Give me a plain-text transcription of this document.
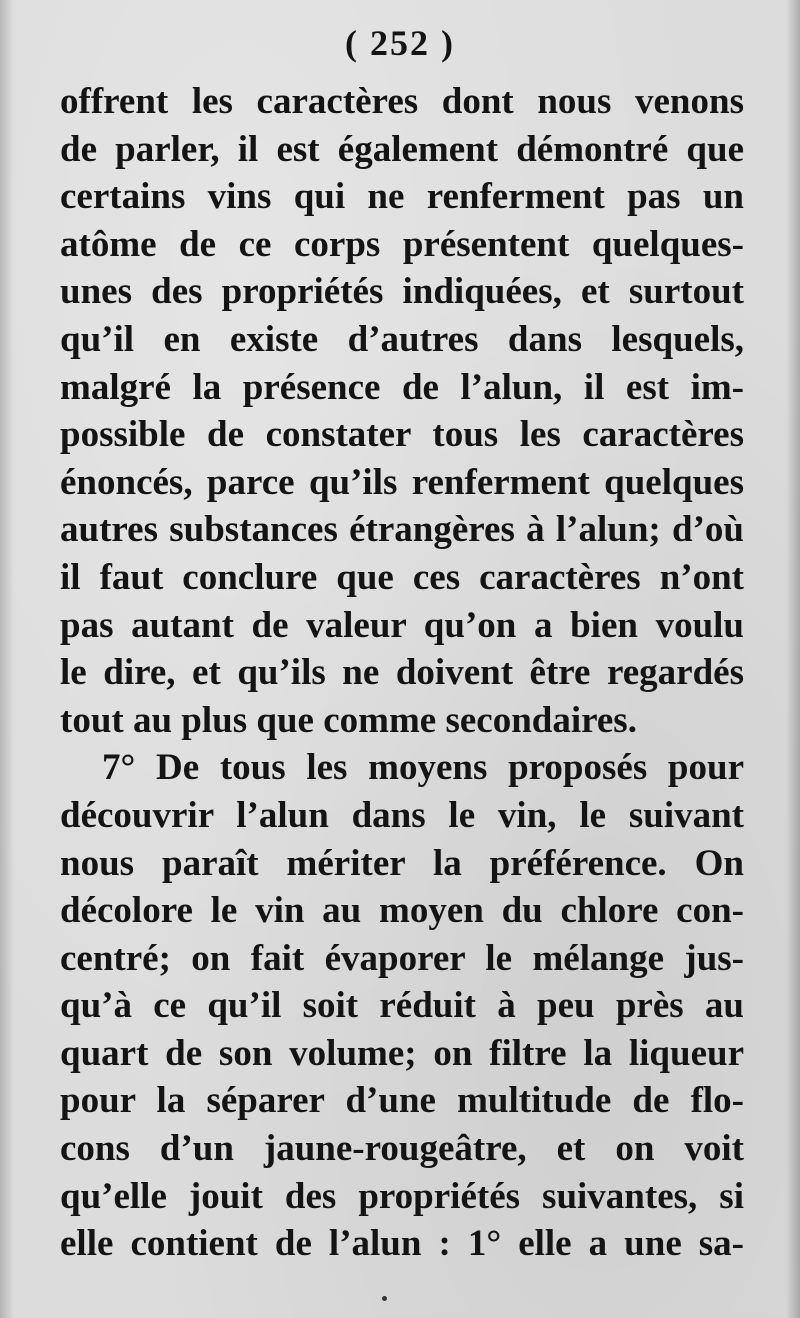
( 252 )
offrent les caractères dont nous venons
de parler, il est également démontré que
certains vins qui ne renferment pas un
atôme de ce corps présentent quelques-
unes des propriétés indiquées, et surtout
qu’il en existe d’autres dans lesquels,
malgré la présence de l’alun, il est im-
possible de constater tous les caractères
énoncés, parce qu’ils renferment quelques
autres substances étrangères à l’alun; d’où
il faut conclure que ces caractères n’ont
pas autant de valeur qu’on a bien voulu
le dire, et qu’ils ne doivent être regardés
tout au plus que comme secondaires.
7° De tous les moyens proposés pour
découvrir l’alun dans le vin, le suivant
nous paraît mériter la préférence. On
décolore le vin au moyen du chlore con-
centré; on fait évaporer le mélange jus-
qu’à ce qu’il soit réduit à peu près au
quart de son volume; on filtre la liqueur
pour la séparer d’une multitude de flo-
cons d’un jaune-rougeâtre, et on voit
qu’elle jouit des propriétés suivantes, si
elle contient de l’alun : 1° elle a une sa-
